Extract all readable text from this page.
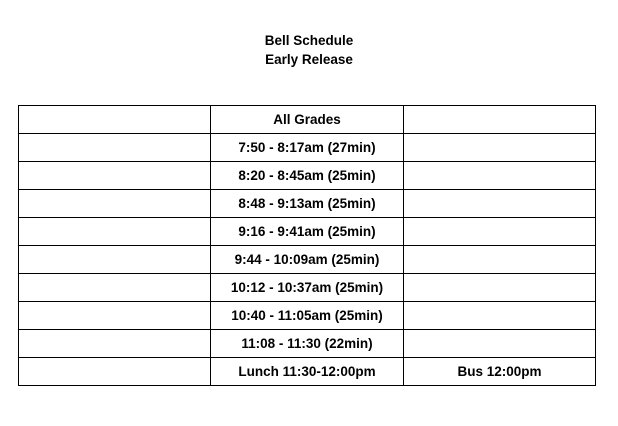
Bell Schedule
Early Release
	All Grades	
	7:50 - 8:17am (27min)	
	8:20 - 8:45am (25min)	
	8:48 - 9:13am (25min)	
	9:16 - 9:41am (25min)	
	9:44 - 10:09am (25min)	
	10:12 - 10:37am (25min)	
	10:40 - 11:05am (25min)	
	11:08 - 11:30 (22min)	
	Lunch 11:30-12:00pm	Bus 12:00pm
